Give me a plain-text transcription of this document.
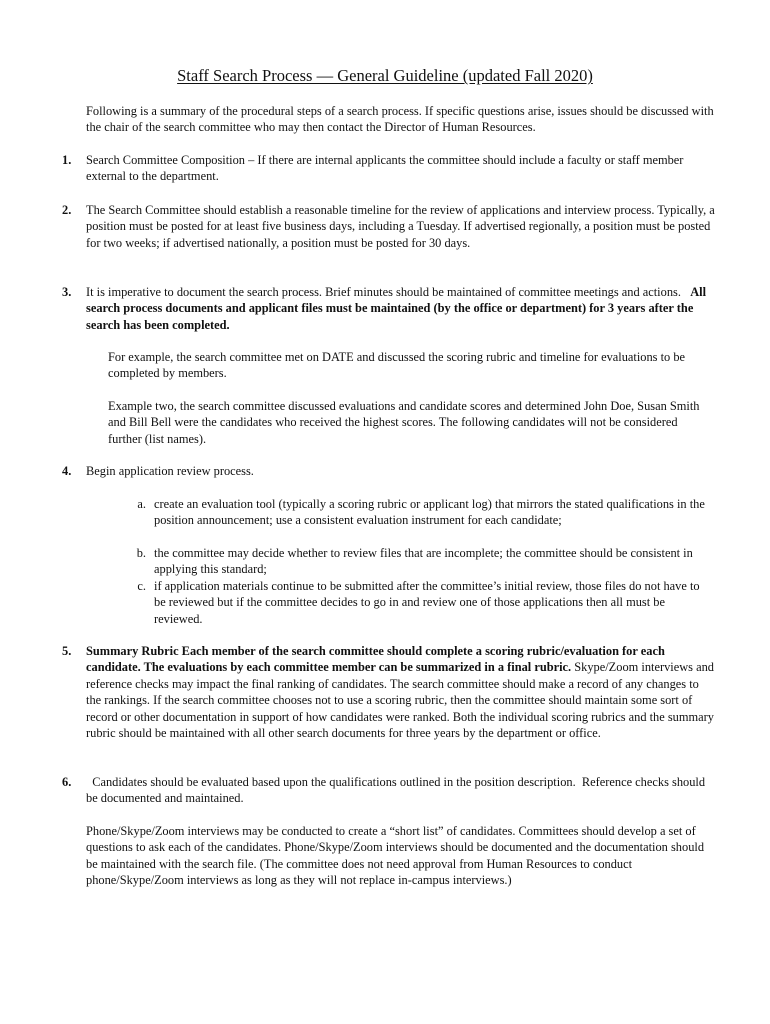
Staff Search Process — General Guideline (updated Fall 2020)

Following is a summary of the procedural steps of a search process. If specific questions arise, issues should be discussed with the chair of the search committee who may then contact the Director of Human Resources.

1. Search Committee Composition – If there are internal applicants the committee should include a faculty or staff member external to the department.

2. The Search Committee should establish a reasonable timeline for the review of applications and interview process. Typically, a position must be posted for at least five business days, including a Tuesday. If advertised regionally, a position must be posted for two weeks; if advertised nationally, a position must be posted for 30 days.

3. It is imperative to document the search process. Brief minutes should be maintained of committee meetings and actions. All search process documents and applicant files must be maintained (by the office or department) for 3 years after the search has been completed.

For example, the search committee met on DATE and discussed the scoring rubric and timeline for evaluations to be completed by members.

Example two, the search committee discussed evaluations and candidate scores and determined John Doe, Susan Smith and Bill Bell were the candidates who received the highest scores. The following candidates will not be considered further (list names).

4. Begin application review process.

a. create an evaluation tool (typically a scoring rubric or applicant log) that mirrors the stated qualifications in the position announcement; use a consistent evaluation instrument for each candidate;

b. the committee may decide whether to review files that are incomplete; the committee should be consistent in applying this standard;

c. if application materials continue to be submitted after the committee’s initial review, those files do not have to be reviewed but if the committee decides to go in and review one of those applications then all must be reviewed.

5. Summary Rubric Each member of the search committee should complete a scoring rubric/evaluation for each candidate. The evaluations by each committee member can be summarized in a final rubric. Skype/Zoom interviews and reference checks may impact the final ranking of candidates. The search committee should make a record of any changes to the rankings. If the search committee chooses not to use a scoring rubric, then the committee should maintain some sort of record or other documentation in support of how candidates were ranked. Both the individual scoring rubrics and the summary rubric should be maintained with all other search documents for three years by the department or office.

6. Candidates should be evaluated based upon the qualifications outlined in the position description.  Reference checks should be documented and maintained.

Phone/Skype/Zoom interviews may be conducted to create a “short list” of candidates. Committees should develop a set of questions to ask each of the candidates. Phone/Skype/Zoom interviews should be documented and the documentation should be maintained with the search file. (The committee does not need approval from Human Resources to conduct phone/Skype/Zoom interviews as long as they will not replace in-campus interviews.)
